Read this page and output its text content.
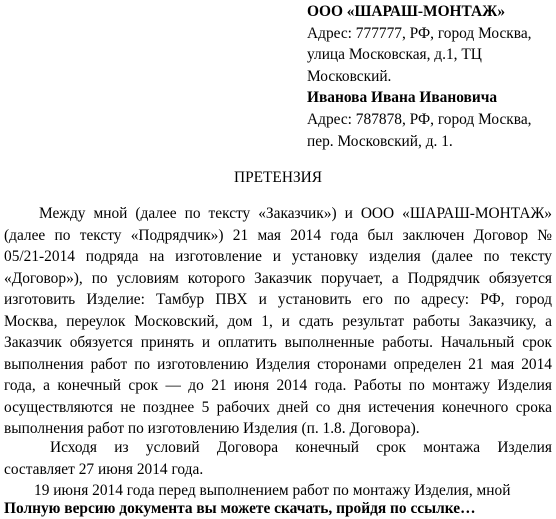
ООО «ШАРАШ-МОНТАЖ»
Адрес: 777777, РФ, город Москва,
улица Московская, д.1, ТЦ
Московский.
Иванова Ивана Ивановича
Адрес: 787878, РФ, город Москва,
пер. Московский, д. 1.
ПРЕТЕНЗИЯ
Между мной (далее по тексту «Заказчик») и ООО «ШАРАШ-МОНТАЖ»
(далее по тексту «Подрядчик») 21 мая 2014 года был заключен Договор №
05/21-2014 подряда на изготовление и установку изделия (далее по тексту
«Договор»), по условиям которого Заказчик поручает, а Подрядчик обязуется
изготовить Изделие: Тамбур ПВХ и установить его по адресу: РФ, город
Москва, переулок Московский, дом 1, и сдать результат работы Заказчику, а
Заказчик обязуется принять и оплатить выполненные работы. Начальный срок
выполнения работ по изготовлению Изделия сторонами определен 21 мая 2014
года, а конечный срок — до 21 июня 2014 года. Работы по монтажу Изделия
осуществляются не позднее 5 рабочих дней со дня истечения конечного срока
выполнения работ по изготовлению Изделия (п. 1.8. Договора).
Исходя из условий Договора конечный срок монтажа Изделия
составляет 27 июня 2014 года.
19 июня 2014 года перед выполнением работ по монтажу Изделия, мной
Полную версию документа вы можете скачать, пройдя по ссылке…
